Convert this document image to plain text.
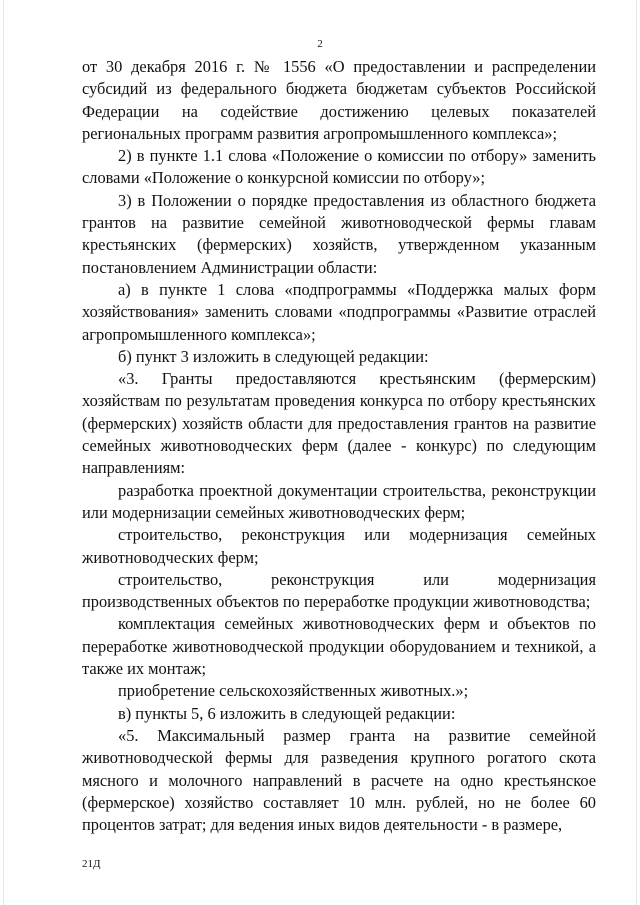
2

от 30 декабря 2016 г. № 1556 «О предоставлении и распределении субсидий из федерального бюджета бюджетам субъектов Российской Федерации на содействие достижению целевых показателей региональных программ развития агропромышленного комплекса»;

2) в пункте 1.1 слова «Положение о комиссии по отбору» заменить словами «Положение о конкурсной комиссии по отбору»;

3) в Положении о порядке предоставления из областного бюджета грантов на развитие семейной животноводческой фермы главам крестьянских (фермерских) хозяйств, утвержденном указанным постановлением Администрации области:

а) в пункте 1 слова «подпрограммы «Поддержка малых форм хозяйствования» заменить словами «подпрограммы «Развитие отраслей агропромышленного комплекса»;

б) пункт 3 изложить в следующей редакции:

«3. Гранты предоставляются крестьянским (фермерским) хозяйствам по результатам проведения конкурса по отбору крестьянских (фермерских) хозяйств области для предоставления грантов на развитие семейных животноводческих ферм (далее - конкурс) по следующим направлениям:

разработка проектной документации строительства, реконструкции или модернизации семейных животноводческих ферм;

строительство, реконструкция или модернизация семейных животноводческих ферм;

строительство, реконструкция или модернизация производственных объектов по переработке продукции животноводства;

комплектация семейных животноводческих ферм и объектов по переработке животноводческой продукции оборудованием и техникой, а также их монтаж;

приобретение сельскохозяйственных животных.»;

в) пункты 5, 6 изложить в следующей редакции:

«5. Максимальный размер гранта на развитие семейной животноводческой фермы для разведения крупного рогатого скота мясного и молочного направлений в расчете на одно крестьянское (фермерское) хозяйство составляет 10 млн. рублей, но не более 60 процентов затрат; для ведения иных видов деятельности - в размере,

21Д
